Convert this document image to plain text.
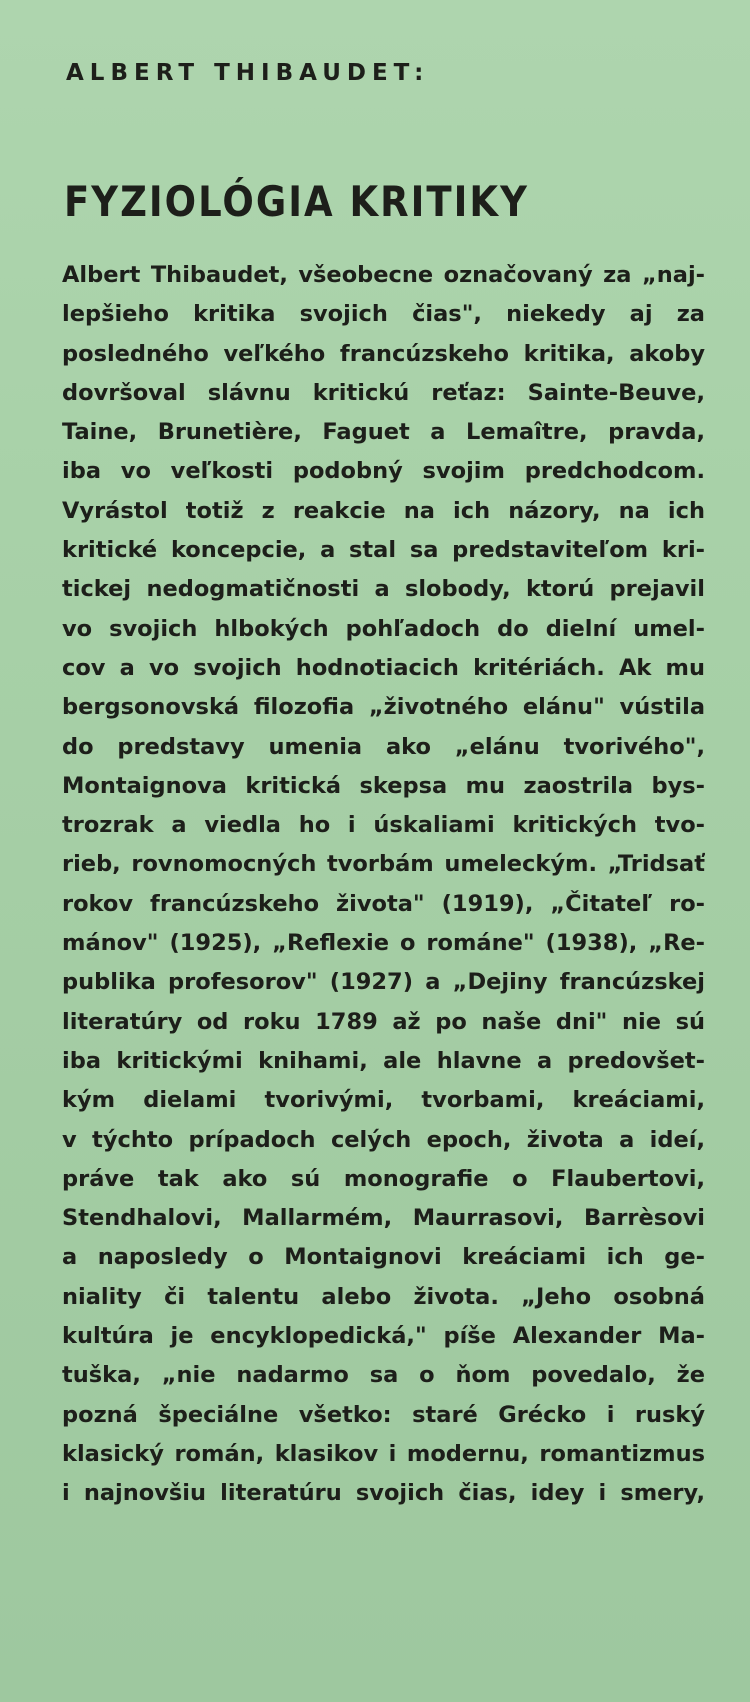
ALBERT THIBAUDET:
FYZIOLÓGIA KRITIKY
Albert Thibaudet, všeobecne označovaný za „naj-
lepšieho kritika svojich čias", niekedy aj za
posledného veľkého francúzskeho kritika, akoby
dovršoval slávnu kritickú reťaz: Sainte-Beuve,
Taine, Brunetière, Faguet a Lemaître, pravda,
iba vo veľkosti podobný svojim predchodcom.
Vyrástol totiž z reakcie na ich názory, na ich
kritické koncepcie, a stal sa predstaviteľom kri-
tickej nedogmatičnosti a slobody, ktorú prejavil
vo svojich hlbokých pohľadoch do dielní umel-
cov a vo svojich hodnotiacich kritériách. Ak mu
bergsonovská filozofia „životného elánu" vústila
do predstavy umenia ako „elánu tvorivého",
Montaignova kritická skepsa mu zaostrila bys-
trozrak a viedla ho i úskaliami kritických tvo-
rieb, rovnomocných tvorbám umeleckým. „Tridsať
rokov francúzskeho života" (1919), „Čitateľ ro-
mánov" (1925), „Reflexie o románe" (1938), „Re-
publika profesorov" (1927) a „Dejiny francúzskej
literatúry od roku 1789 až po naše dni" nie sú
iba kritickými knihami, ale hlavne a predovšet-
kým dielami tvorivými, tvorbami, kreáciami,
v týchto prípadoch celých epoch, života a ideí,
práve tak ako sú monografie o Flaubertovi,
Stendhalovi, Mallarmém, Maurrasovi, Barrèsovi
a naposledy o Montaignovi kreáciami ich ge-
niality či talentu alebo života. „Jeho osobná
kultúra je encyklopedická," píše Alexander Ma-
tuška, „nie nadarmo sa o ňom povedalo, že
pozná špeciálne všetko: staré Grécko i ruský
klasický román, klasikov i modernu, romantizmus
i najnovšiu literatúru svojich čias, idey i smery,
